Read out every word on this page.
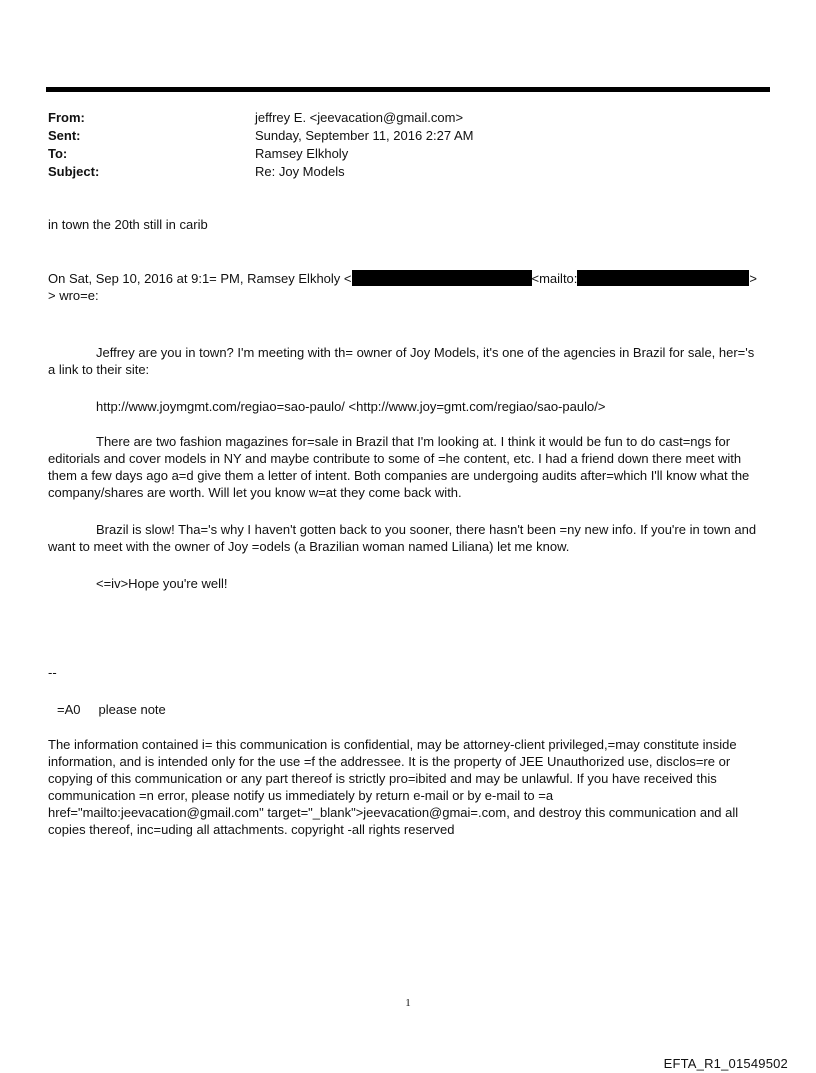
From:	jeffrey E. <jeevacation@gmail.com>
Sent:	Sunday, September 11, 2016 2:27 AM
To:	Ramsey Elkholy
Subject:	Re: Joy Models

in town the 20th still in carib

On Sat, Sep 10, 2016 at 9:1= PM, Ramsey Elkholy <	<mailto:	>
> wro=e:

Jeffrey are you in town? I'm meeting with th= owner of Joy Models, it's one of the agencies in Brazil for sale, her='s a link to their site:

http://www.joymgmt.com/regiao=sao-paulo/ <http://www.joy=gmt.com/regiao/sao-paulo/>

There are two fashion magazines for=sale in Brazil that I'm looking at. I think it would be fun to do cast=ngs for editorials and cover models in NY and maybe contribute to some of =he content, etc. I had a friend down there meet with them a few days ago a=d give them a letter of intent. Both companies are undergoing audits after=which I'll know what the company/shares are worth. Will let you know w=at they come back with.

Brazil is slow! Tha='s why I haven't gotten back to you sooner, there hasn't been =ny new info. If you're in town and want to meet with the owner of Joy =odels (a Brazilian woman named Liliana) let me know.

<=iv>Hope you're well!

--

=A0     please note

The information contained i= this communication is confidential, may be attorney-client privileged,=may constitute inside information, and is intended only for the use =f the addressee. It is the property of JEE Unauthorized use, disclos=re or copying of this communication or any part thereof is strictly pro=ibited and may be unlawful. If you have received this communication =n error, please notify us immediately by return e-mail or by e-mail to =a href="mailto:jeevacation@gmail.com" target="_blank">jeevacation@gmai=.com, and destroy this communication and all copies thereof, inc=uding all attachments. copyright -all rights reserved

1
EFTA_R1_01549502
